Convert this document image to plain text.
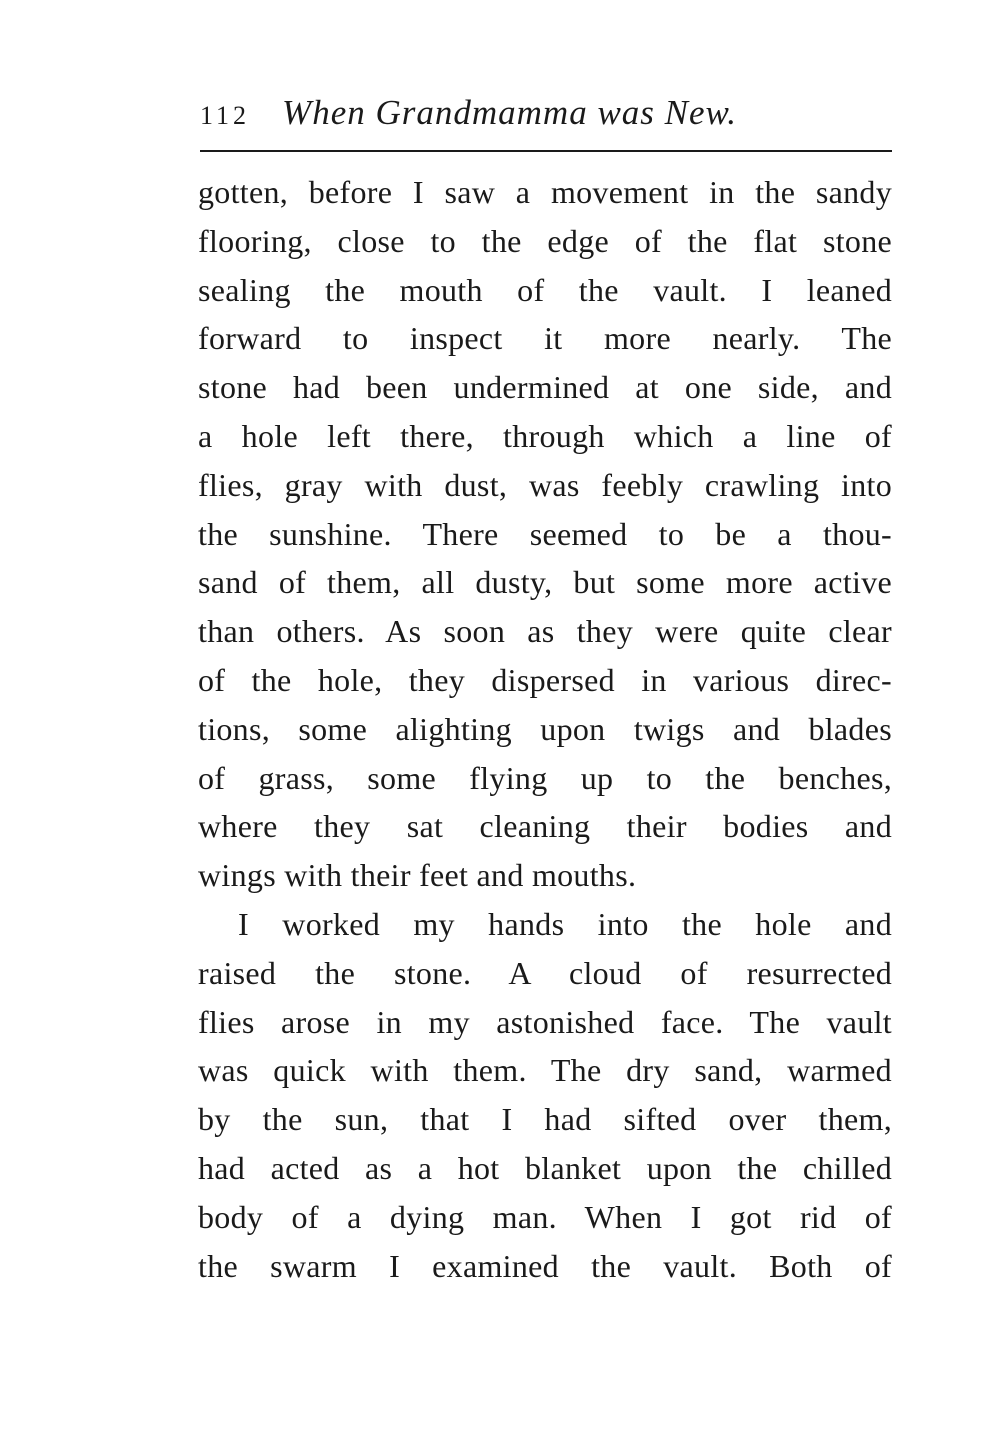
112 When Grandmamma was New.
gotten, before I saw a movement in the sandy
flooring, close to the edge of the flat stone
sealing the mouth of the vault. I leaned
forward to inspect it more nearly. The
stone had been undermined at one side, and
a hole left there, through which a line of
flies, gray with dust, was feebly crawling into
the sunshine. There seemed to be a thou-
sand of them, all dusty, but some more active
than others. As soon as they were quite clear
of the hole, they dispersed in various direc-
tions, some alighting upon twigs and blades
of grass, some flying up to the benches,
where they sat cleaning their bodies and
wings with their feet and mouths.
I worked my hands into the hole and
raised the stone. A cloud of resurrected
flies arose in my astonished face. The vault
was quick with them. The dry sand, warmed
by the sun, that I had sifted over them,
had acted as a hot blanket upon the chilled
body of a dying man. When I got rid of
the swarm I examined the vault. Both of
